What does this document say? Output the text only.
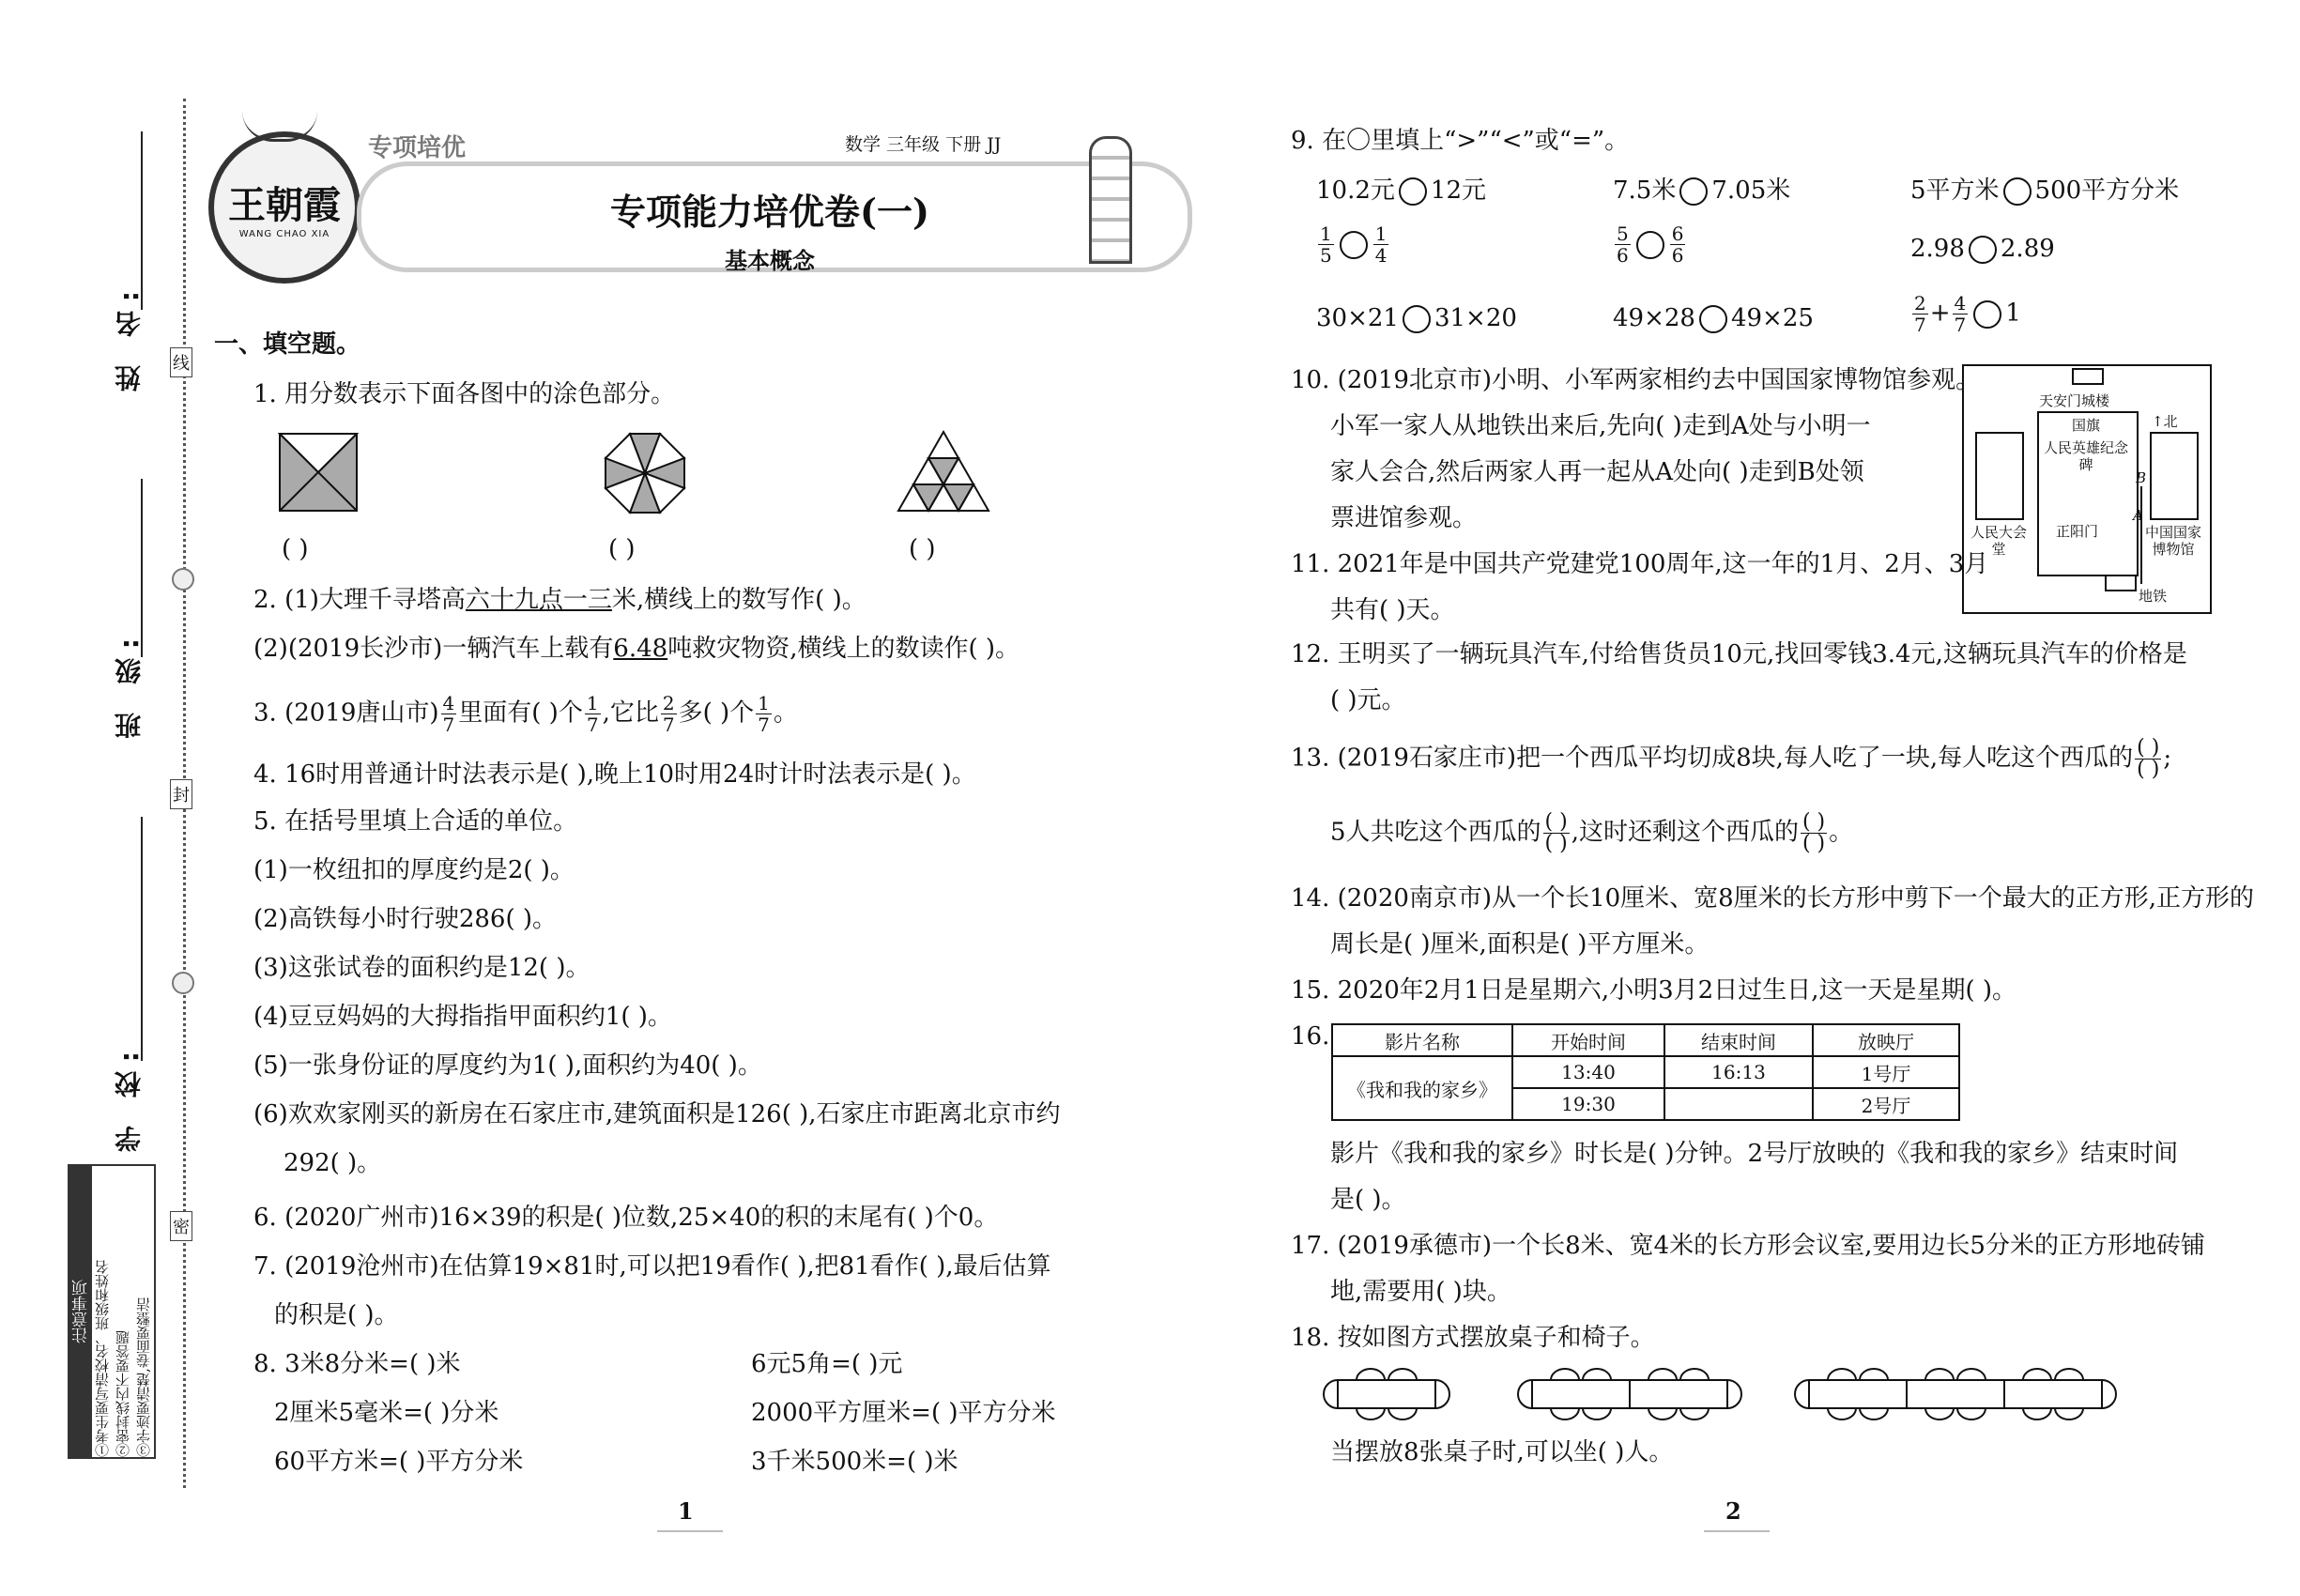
线
封
密
姓 名:
班 级:
学 校:
注意事项 ①考生要写清校名、班级和姓名 ②密封线内不要答题 ③字迹要清楚,卷面要整洁
王朝霞
WANG CHAO XIA
专项培优	数学 三年级 下册 JJ
专项能力培优卷(一)
基本概念
一、填空题。
1. 用分数表示下面各图中的涂色部分。
( )	( )	( )
2. (1)大理千寻塔高六十九点一三米,横线上的数写作( )。
(2)(2019长沙市)一辆汽车上载有6.48吨救灾物资,横线上的数读作( )。
3. (2019唐山市) $\frac{4}{7}$ 里面有( )个 $\frac{1}{7}$ ,它比 $\frac{2}{7}$ 多( )个 $\frac{1}{7}$ 。
4. 16时用普通计时法表示是( ),晚上10时用24时计时法表示是( )。
5. 在括号里填上合适的单位。
(1)一枚纽扣的厚度约是2( )。
(2)高铁每小时行驶286( )。
(3)这张试卷的面积约是12( )。
(4)豆豆妈妈的大拇指指甲面积约1( )。
(5)一张身份证的厚度约为1( ),面积约为40( )。
(6)欢欢家刚买的新房在石家庄市,建筑面积是126( ),石家庄市距离北京市约
292( )。
6. (2020广州市)16×39的积是( )位数,25×40的积的末尾有( )个0。
7. (2019沧州市)在估算19×81时,可以把19看作( ),把81看作( ),最后估算
的积是( )。
8. 3米8分米=( )米	6元5角=( )元
2厘米5毫米=( )分米	2000平方厘米=( )平方分米
60平方米=( )平方分米	3千米500米=( )米
1
9. 在〇里填上“>”“<”或“=”。
10.2元 12元	7.5米 7.05米	5平方米 500平方分米
$\frac{1}{5} \frac{1}{4}$	$\frac{5}{6} \frac{6}{6}$	2.98 2.89
30×21 31×20	49×28 49×25	$\frac{2}{7} + \frac{4}{7} 1$
10. (2019北京市)小明、小军两家相约去中国国家博物馆参观。
小军一家人从地铁出来后,先向( )走到A处与小明一
家人会合,然后两家人再一起从A处向( )走到B处领
票进馆参观。
天安门城楼
↑北
国旗
人民英雄纪念碑
正阳门
人民大会堂
中国国家博物馆
B
A
地铁
11. 2021年是中国共产党建党100周年,这一年的1月、2月、3月
共有( )天。
12. 王明买了一辆玩具汽车,付给售货员10元,找回零钱3.4元,这辆玩具汽车的价格是
( )元。
13. (2019石家庄市)把一个西瓜平均切成8块,每人吃了一块,每人吃这个西瓜的 $\frac{( )}{( )}$ ;
5人共吃这个西瓜的 $\frac{( )}{( )}$ ,这时还剩这个西瓜的 $\frac{( )}{( )}$ 。
14. (2020南京市)从一个长10厘米、宽8厘米的长方形中剪下一个最大的正方形,正方形的
周长是( )厘米,面积是( )平方厘米。
15. 2020年2月1日是星期六,小明3月2日过生日,这一天是星期( )。
16.	影片名称	开始时间	结束时间	放映厅
《我和我的家乡》	13:40	16:13	1号厅
	19:30		2号厅
影片《我和我的家乡》时长是( )分钟。2号厅放映的《我和我的家乡》结束时间
是( )。
17. (2019承德市)一个长8米、宽4米的长方形会议室,要用边长5分米的正方形地砖铺
地,需要用( )块。
18. 按如图方式摆放桌子和椅子。
当摆放8张桌子时,可以坐( )人。
2
